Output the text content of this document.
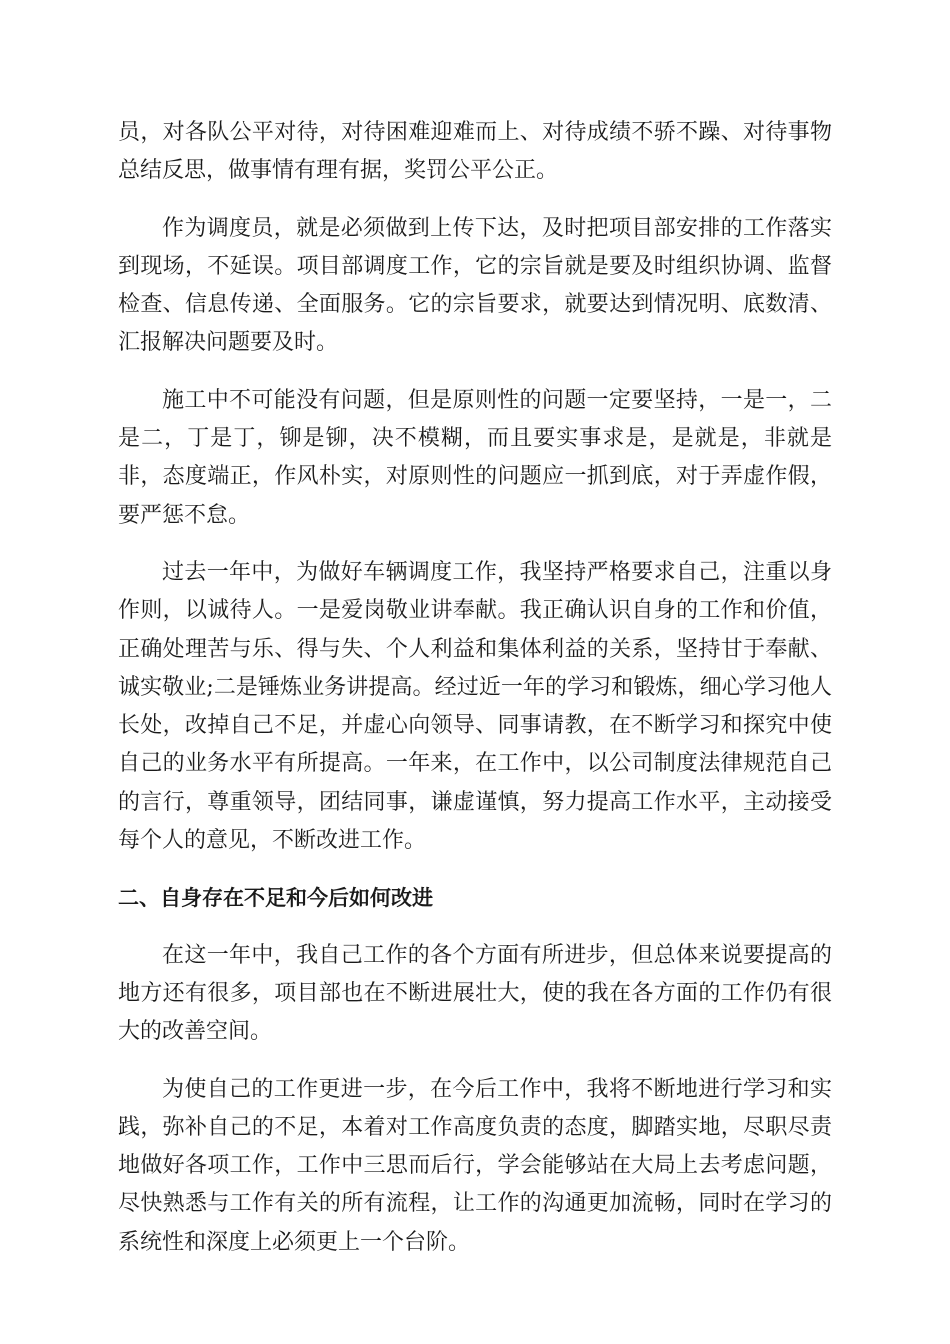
员，对各队公平对待，对待困难迎难而上、对待成绩不骄不躁、对待事物总结反思，做事情有理有据，奖罚公平公正。

作为调度员，就是必须做到上传下达，及时把项目部安排的工作落实到现场，不延误。项目部调度工作，它的宗旨就是要及时组织协调、监督检查、信息传递、全面服务。它的宗旨要求，就要达到情况明、底数清、汇报解决问题要及时。

施工中不可能没有问题，但是原则性的问题一定要坚持，一是一，二是二，丁是丁，铆是铆，决不模糊，而且要实事求是，是就是，非就是非，态度端正，作风朴实，对原则性的问题应一抓到底，对于弄虚作假，要严惩不怠。

过去一年中，为做好车辆调度工作，我坚持严格要求自己，注重以身作则，以诚待人。一是爱岗敬业讲奉献。我正确认识自身的工作和价值，正确处理苦与乐、得与失、个人利益和集体利益的关系，坚持甘于奉献、诚实敬业;二是锤炼业务讲提高。经过近一年的学习和锻炼，细心学习他人长处，改掉自己不足，并虚心向领导、同事请教，在不断学习和探究中使自己的业务水平有所提高。一年来，在工作中，以公司制度法律规范自己的言行，尊重领导，团结同事，谦虚谨慎，努力提高工作水平，主动接受每个人的意见，不断改进工作。

二、自身存在不足和今后如何改进

在这一年中，我自己工作的各个方面有所进步，但总体来说要提高的地方还有很多，项目部也在不断进展壮大，使的我在各方面的工作仍有很大的改善空间。

为使自己的工作更进一步，在今后工作中，我将不断地进行学习和实践，弥补自己的不足，本着对工作高度负责的态度，脚踏实地，尽职尽责地做好各项工作，工作中三思而后行，学会能够站在大局上去考虑问题，尽快熟悉与工作有关的所有流程，让工作的沟通更加流畅，同时在学习的系统性和深度上必须更上一个台阶。
